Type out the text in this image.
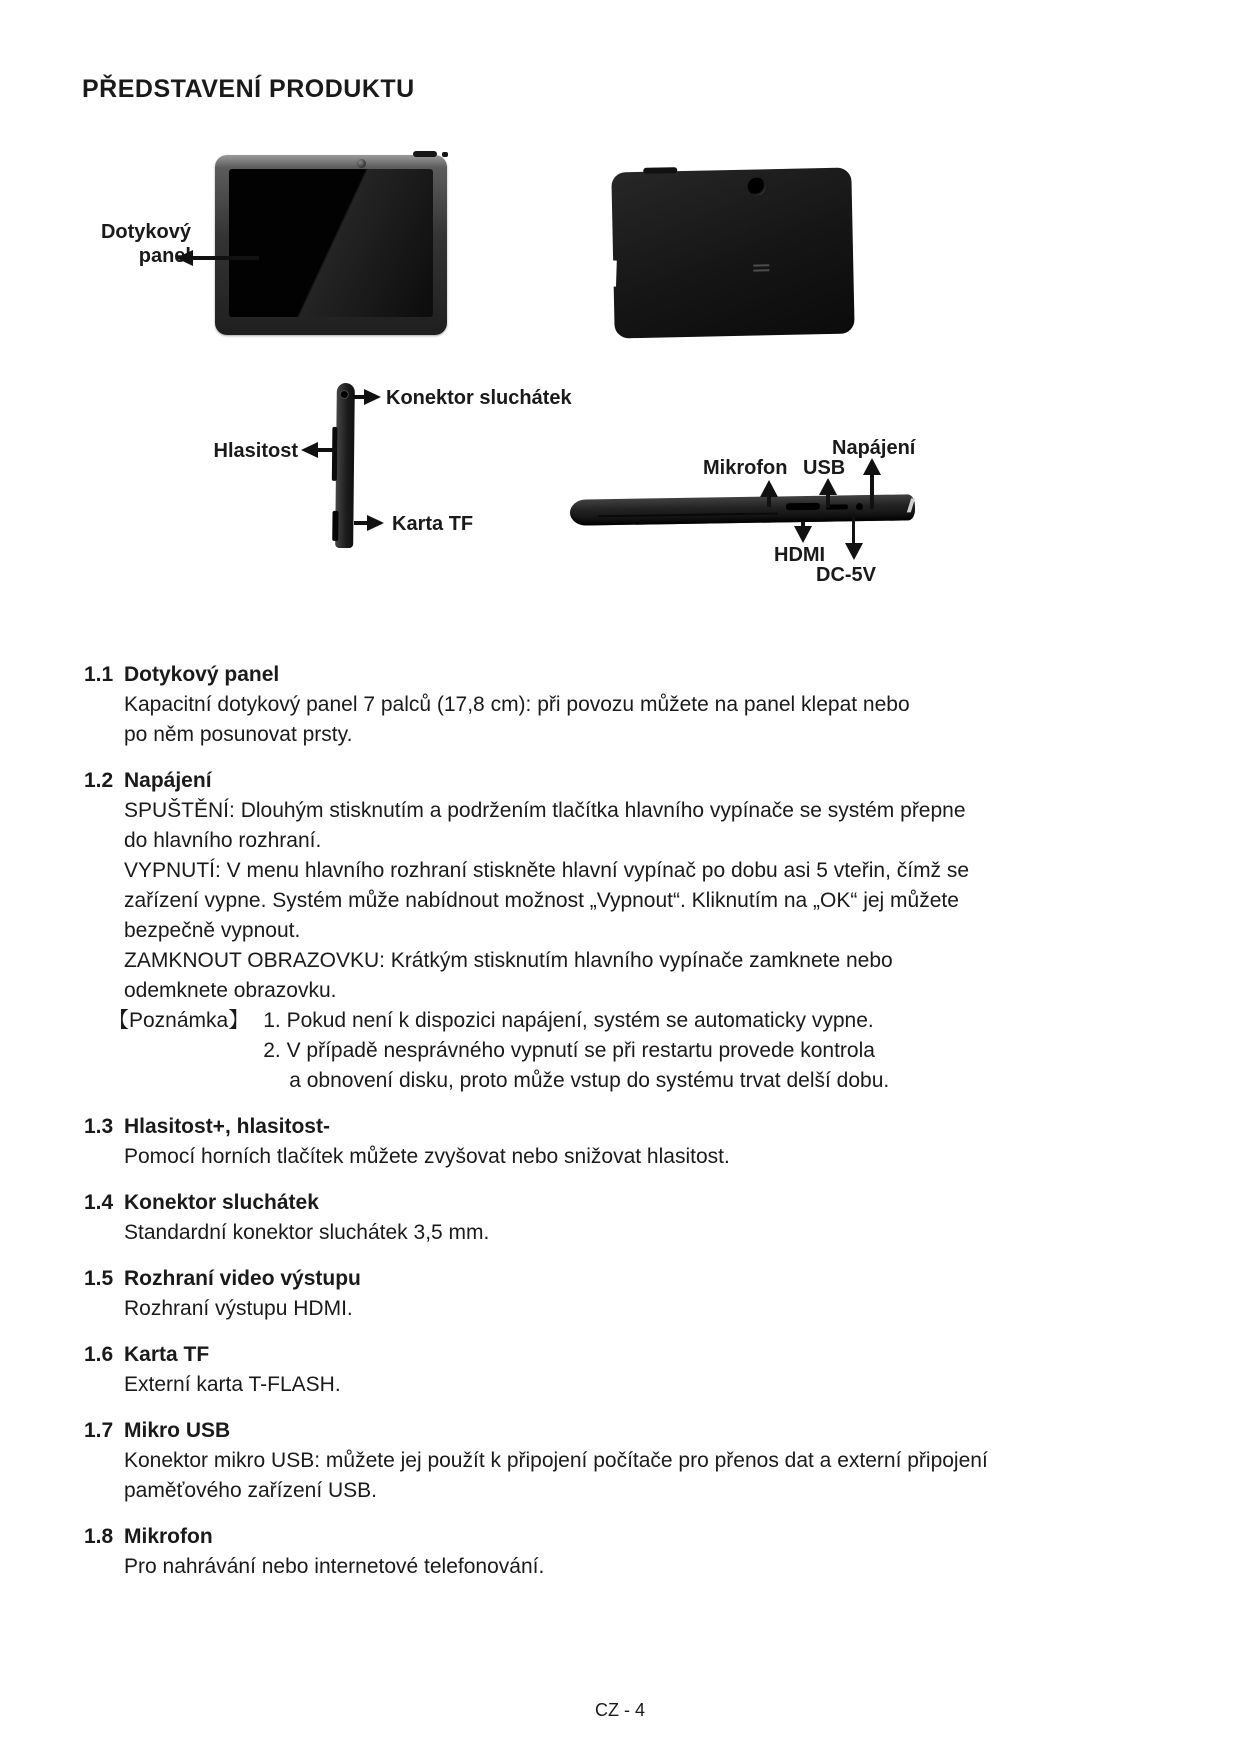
PŘEDSTAVENÍ PRODUKTU
Dotykový
panel
Konektor sluchátek
Hlasitost
Karta TF
Mikrofon USB
Napájení
HDMI
DC-5V
1.1 Dotykový panel
Kapacitní dotykový panel 7 palců (17,8 cm): při povozu můžete na panel klepat nebo
po něm posunovat prsty.
1.2 Napájení
SPUŠTĚNÍ: Dlouhým stisknutím a podržením tlačítka hlavního vypínače se systém přepne
do hlavního rozhraní.
VYPNUTÍ: V menu hlavního rozhraní stiskněte hlavní vypínač po dobu asi 5 vteřin, čímž se
zařízení vypne. Systém může nabídnout možnost „Vypnout“. Kliknutím na „OK“ jej můžete
bezpečně vypnout.
ZAMKNOUT OBRAZOVKU: Krátkým stisknutím hlavního vypínače zamknete nebo
odemknete obrazovku.
【Poznámka】 1. Pokud není k dispozici napájení, systém se automaticky vypne.
2. V případě nesprávného vypnutí se při restartu provede kontrola
a obnovení disku, proto může vstup do systému trvat delší dobu.
1.3 Hlasitost+, hlasitost-
Pomocí horních tlačítek můžete zvyšovat nebo snižovat hlasitost.
1.4 Konektor sluchátek
Standardní konektor sluchátek 3,5 mm.
1.5 Rozhraní video výstupu
Rozhraní výstupu HDMI.
1.6 Karta TF
Externí karta T-FLASH.
1.7 Mikro USB
Konektor mikro USB: můžete jej použít k připojení počítače pro přenos dat a externí připojení
paměťového zařízení USB.
1.8 Mikrofon
Pro nahrávání nebo internetové telefonování.
CZ - 4
